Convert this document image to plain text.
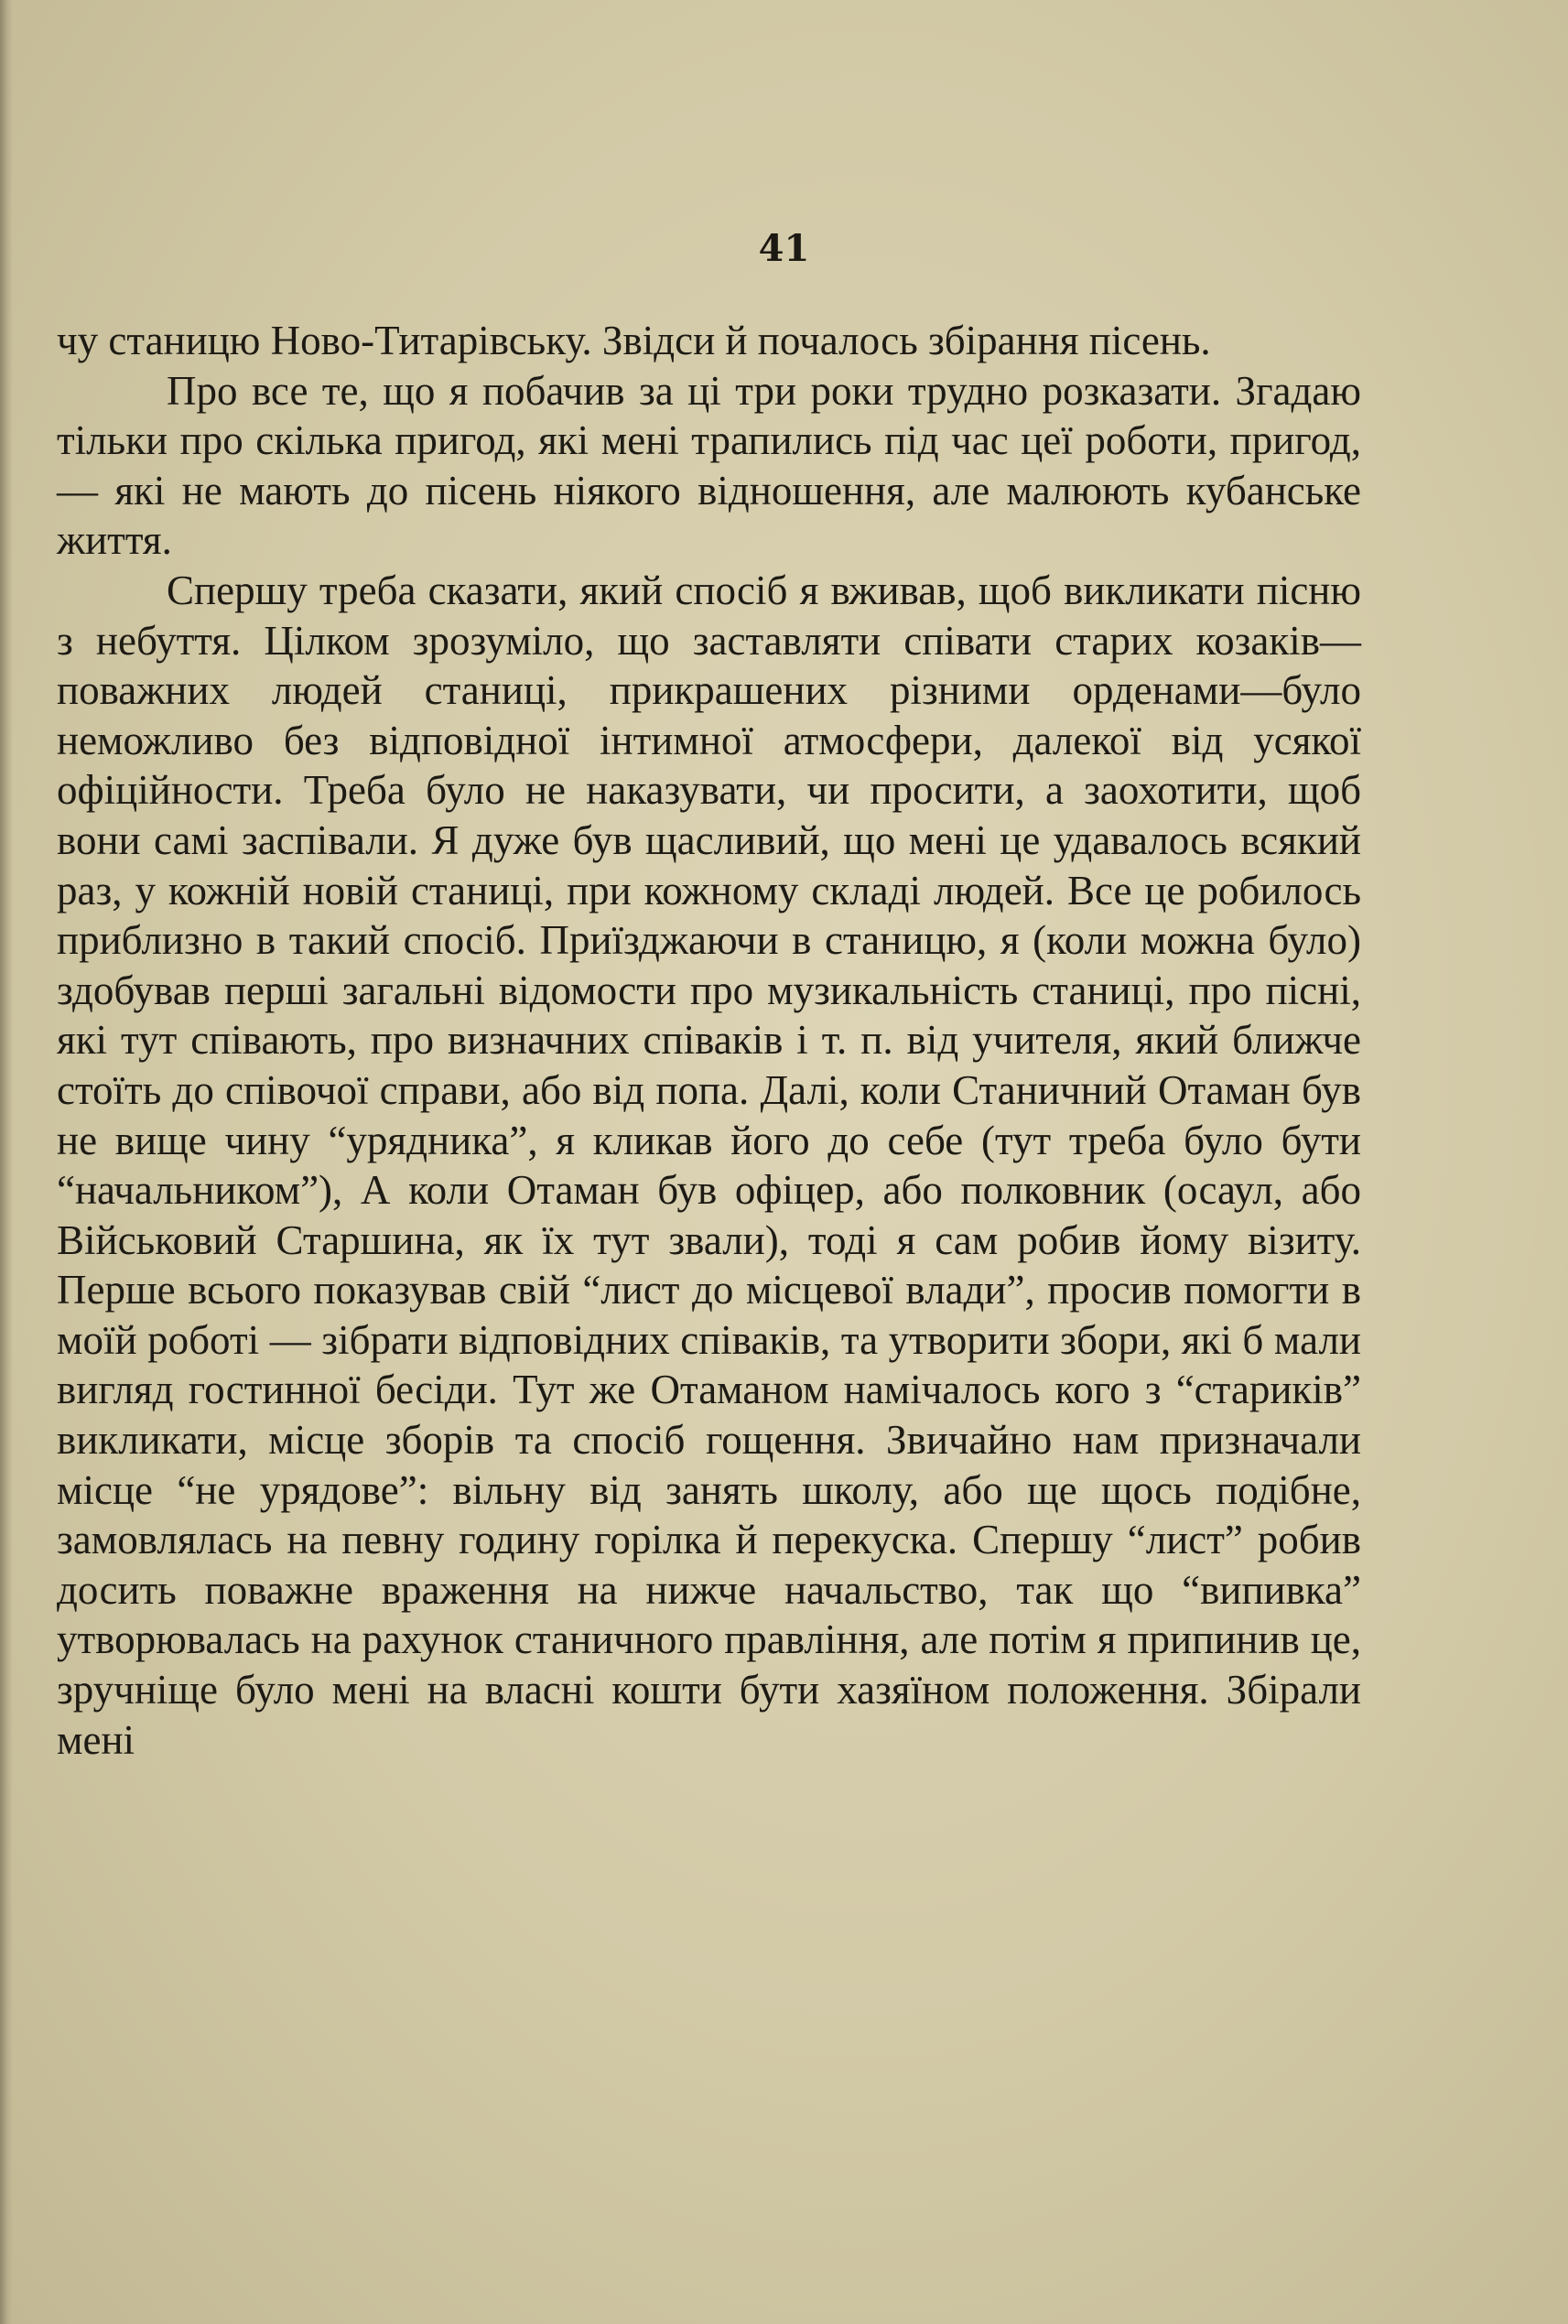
41

чу станицю Ново-Титарівську. Звідси й почалось збірання пісень.

Про все те, що я побачив за ці три роки трудно розказати. Згадаю тільки про скілька пригод, які мені трапились під час цеї роботи, пригод, — які не мають до пісень ніякого відношення, але малюють кубанське життя.

Спершу треба сказати, який спосіб я вживав, щоб викликати пісню з небуття. Цілком зрозуміло, що заставляти співати старих козаків—поважних людей станиці, прикрашених різними орденами—було неможливо без відповідної інтимної атмосфери, далекої від усякої офіційности. Треба було не наказувати, чи просити, а заохотити, щоб вони самі заспівали. Я дуже був щасливий, що мені це удавалось всякий раз, у кожній новій станиці, при кожному складі людей. Все це робилось приблизно в такий спосіб. Приїзджаючи в станицю, я (коли можна було) здобував перші загальні відомости про музикальність станиці, про пісні, які тут співають, про визначних співаків і т. п. від учителя, який ближче стоїть до співочої справи, або від попа. Далі, коли Станичний Отаман був не вище чину “урядника”, я кликав його до себе (тут треба було бути “начальником”), А коли Отаман був офіцер, або полковник (осаул, або Військовий Старшина, як їх тут звали), тоді я сам робив йому візиту. Перше всього показував свій “лист до місцевої влади”, просив помогти в моїй роботі — зібрати відповідних співаків, та утворити збори, які б мали вигляд гостинної бесіди. Тут же Отаманом намічалось кого з “стариків” викликати, місце зборів та спосіб гощення. Звичайно нам призначали місце “не урядове”: вільну від занять школу, або ще щось подібне, замовлялась на певну годину горілка й перекуска. Спершу “лист” робив досить поважне враження на нижче начальство, так що “випивка” утворювалась на рахунок станичного правління, але потім я припинив це, зручніще було мені на власні кошти бути хазяїном положення. Збірали мені
